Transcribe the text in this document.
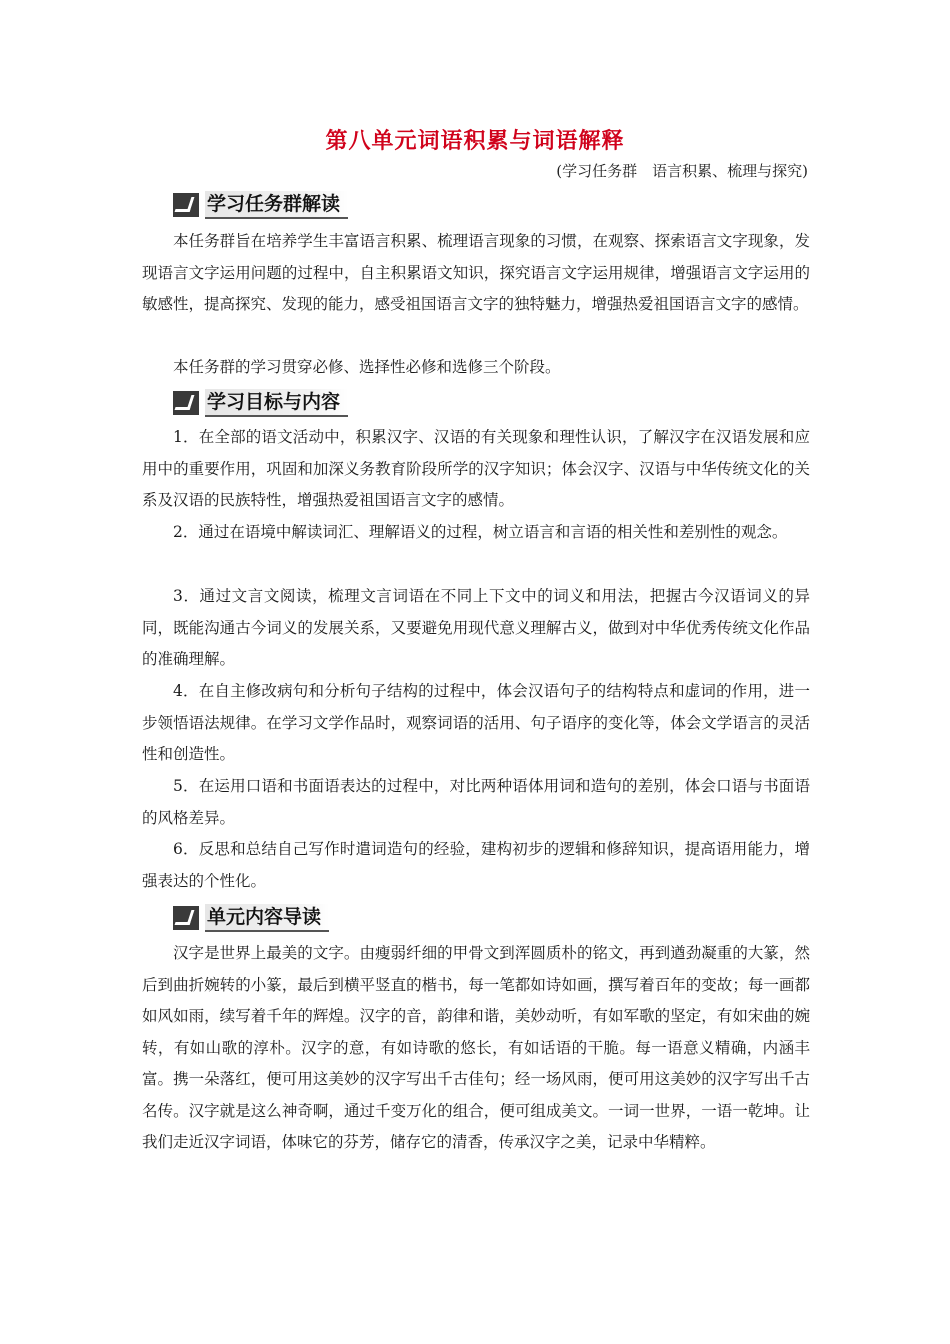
第八单元词语积累与词语解释
(学习任务群　语言积累、梳理与探究)
学习任务群解读

本任务群旨在培养学生丰富语言积累、梳理语言现象的习惯，在观察、探索语言文字现象，发现语言文字运用问题的过程中，自主积累语文知识，探究语言文字运用规律，增强语言文字运用的敏感性，提高探究、发现的能力，感受祖国语言文字的独特魅力，增强热爱祖国语言文字的感情。

本任务群的学习贯穿必修、选择性必修和选修三个阶段。

学习目标与内容

1．在全部的语文活动中，积累汉字、汉语的有关现象和理性认识，了解汉字在汉语发展和应用中的重要作用，巩固和加深义务教育阶段所学的汉字知识；体会汉字、汉语与中华传统文化的关系及汉语的民族特性，增强热爱祖国语言文字的感情。

2．通过在语境中解读词汇、理解语义的过程，树立语言和言语的相关性和差别性的观念。

3．通过文言文阅读，梳理文言词语在不同上下文中的词义和用法，把握古今汉语词义的异同，既能沟通古今词义的发展关系，又要避免用现代意义理解古义，做到对中华优秀传统文化作品的准确理解。

4．在自主修改病句和分析句子结构的过程中，体会汉语句子的结构特点和虚词的作用，进一步领悟语法规律。在学习文学作品时，观察词语的活用、句子语序的变化等，体会文学语言的灵活性和创造性。

5．在运用口语和书面语表达的过程中，对比两种语体用词和造句的差别，体会口语与书面语的风格差异。

6．反思和总结自己写作时遣词造句的经验，建构初步的逻辑和修辞知识，提高语用能力，增强表达的个性化。

单元内容导读

汉字是世界上最美的文字。由瘦弱纤细的甲骨文到浑圆质朴的铭文，再到遒劲凝重的大篆，然后到曲折婉转的小篆，最后到横平竖直的楷书，每一笔都如诗如画，撰写着百年的变故；每一画都如风如雨，续写着千年的辉煌。汉字的音，韵律和谐，美妙动听，有如军歌的坚定，有如宋曲的婉转，有如山歌的淳朴。汉字的意，有如诗歌的悠长，有如话语的干脆。每一语意义精确，内涵丰富。携一朵落红，便可用这美妙的汉字写出千古佳句；经一场风雨，便可用这美妙的汉字写出千古名传。汉字就是这么神奇啊，通过千变万化的组合，便可组成美文。一词一世界，一语一乾坤。让我们走近汉字词语，体味它的芬芳，储存它的清香，传承汉字之美，记录中华精粹。
